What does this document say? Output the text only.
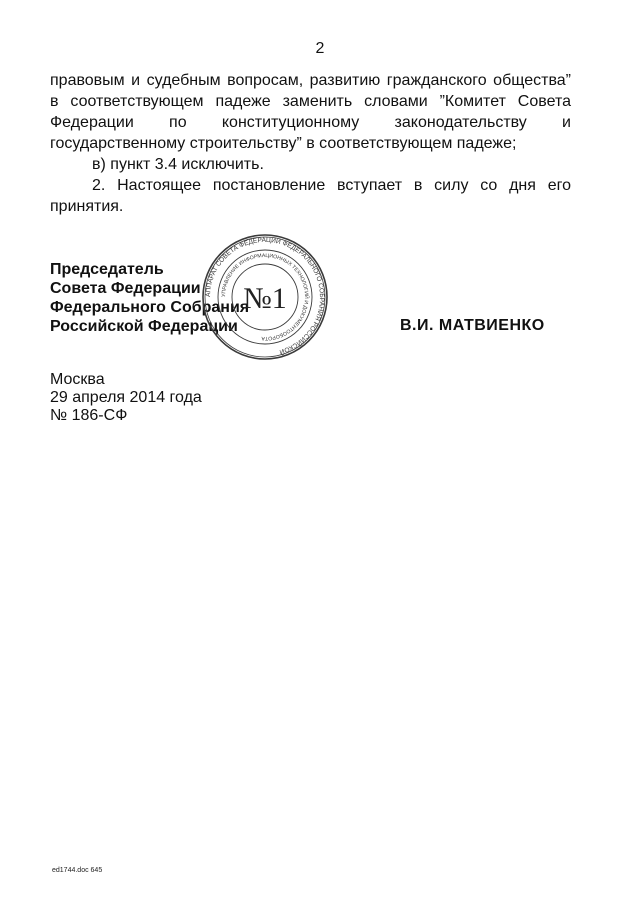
2

правовым и судебным вопросам, развитию гражданского общества” в соответствующем падеже заменить словами ”Комитет Совета Федерации по конституционному законодательству и государственному строительству” в соответствующем падеже;

в) пункт 3.4 исключить.

2. Настоящее постановление вступает в силу со дня его принятия.

Председатель
Совета Федерации
Федерального Собрания
Российской Федерации
АППАРАТ СОВЕТА ФЕДЕРАЦИИ ФЕДЕРАЛЬНОГО СОБРАНИЯ РОССИЙСКОЙ
УПРАВЛЕНИЕ ИНФОРМАЦИОННЫХ ТЕХНОЛОГИЙ И ДОКУМЕНТООБОРОТА
№1
В.И. МАТВИЕНКО
Москва
29 апреля 2014 года
№ 186-СФ
ed1744.doc 645
